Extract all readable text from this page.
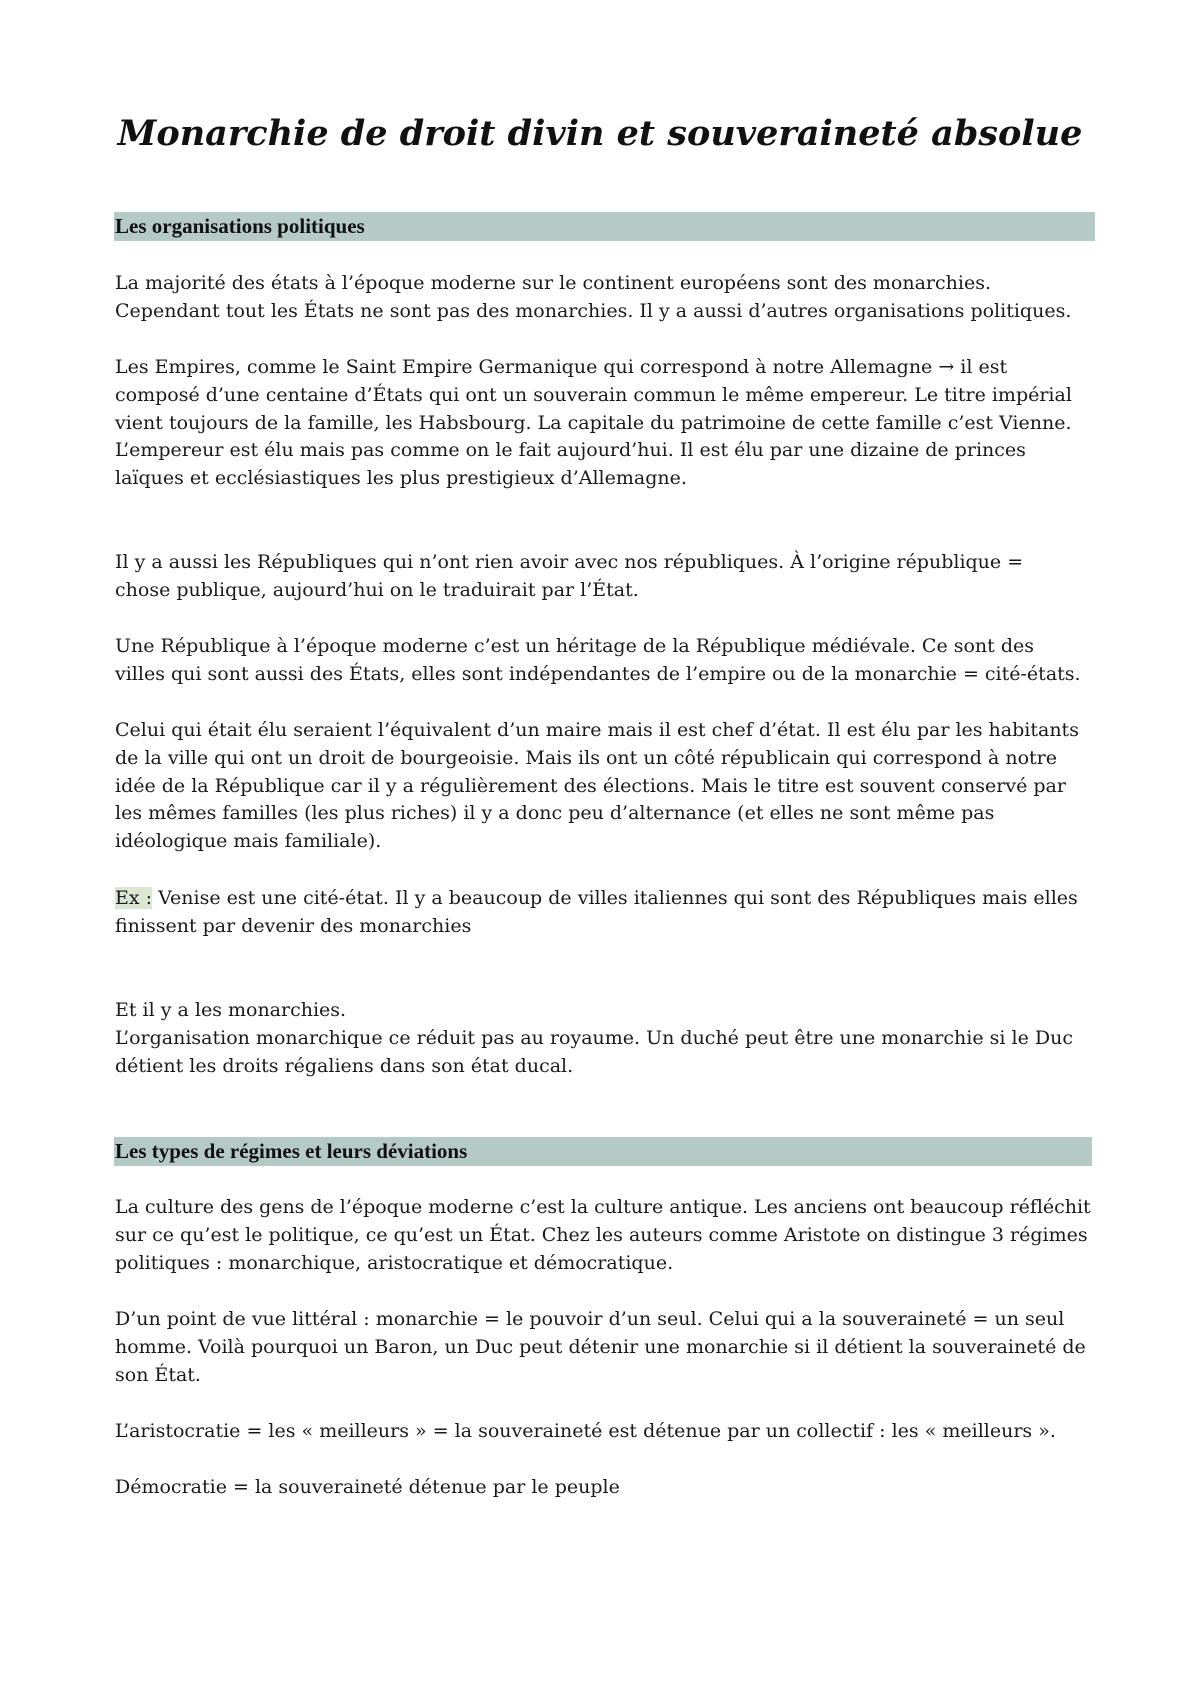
Monarchie de droit divin et souveraineté absolue
Les organisations politiques
La majorité des états à l’époque moderne sur le continent européens sont des monarchies.
Cependant tout les États ne sont pas des monarchies. Il y a aussi d’autres organisations politiques.
Les Empires, comme le Saint Empire Germanique qui correspond à notre Allemagne → il est
composé d’une centaine d’États qui ont un souverain commun le même empereur. Le titre impérial
vient toujours de la famille, les Habsbourg. La capitale du patrimoine de cette famille c’est Vienne.
L’empereur est élu mais pas comme on le fait aujourd’hui. Il est élu par une dizaine de princes
laïques et ecclésiastiques les plus prestigieux d’Allemagne.
Il y a aussi les Républiques qui n’ont rien avoir avec nos républiques. À l’origine république =
chose publique, aujourd’hui on le traduirait par l’État.
Une République à l’époque moderne c’est un héritage de la République médiévale. Ce sont des
villes qui sont aussi des États, elles sont indépendantes de l’empire ou de la monarchie = cité-états.
Celui qui était élu seraient l’équivalent d’un maire mais il est chef d’état. Il est élu par les habitants
de la ville qui ont un droit de bourgeoisie. Mais ils ont un côté républicain qui correspond à notre
idée de la République car il y a régulièrement des élections. Mais le titre est souvent conservé par
les mêmes familles (les plus riches) il y a donc peu d’alternance (et elles ne sont même pas
idéologique mais familiale).
Ex : Venise est une cité-état. Il y a beaucoup de villes italiennes qui sont des Républiques mais elles
finissent par devenir des monarchies
Et il y a les monarchies.
L’organisation monarchique ce réduit pas au royaume. Un duché peut être une monarchie si le Duc
détient les droits régaliens dans son état ducal.
Les types de régimes et leurs déviations
La culture des gens de l’époque moderne c’est la culture antique. Les anciens ont beaucoup réfléchit
sur ce qu’est le politique, ce qu’est un État. Chez les auteurs comme Aristote on distingue 3 régimes
politiques : monarchique, aristocratique et démocratique.
D’un point de vue littéral : monarchie = le pouvoir d’un seul. Celui qui a la souveraineté = un seul
homme. Voilà pourquoi un Baron, un Duc peut détenir une monarchie si il détient la souveraineté de
son État.
L’aristocratie = les « meilleurs » = la souveraineté est détenue par un collectif : les « meilleurs ».
Démocratie = la souveraineté détenue par le peuple
